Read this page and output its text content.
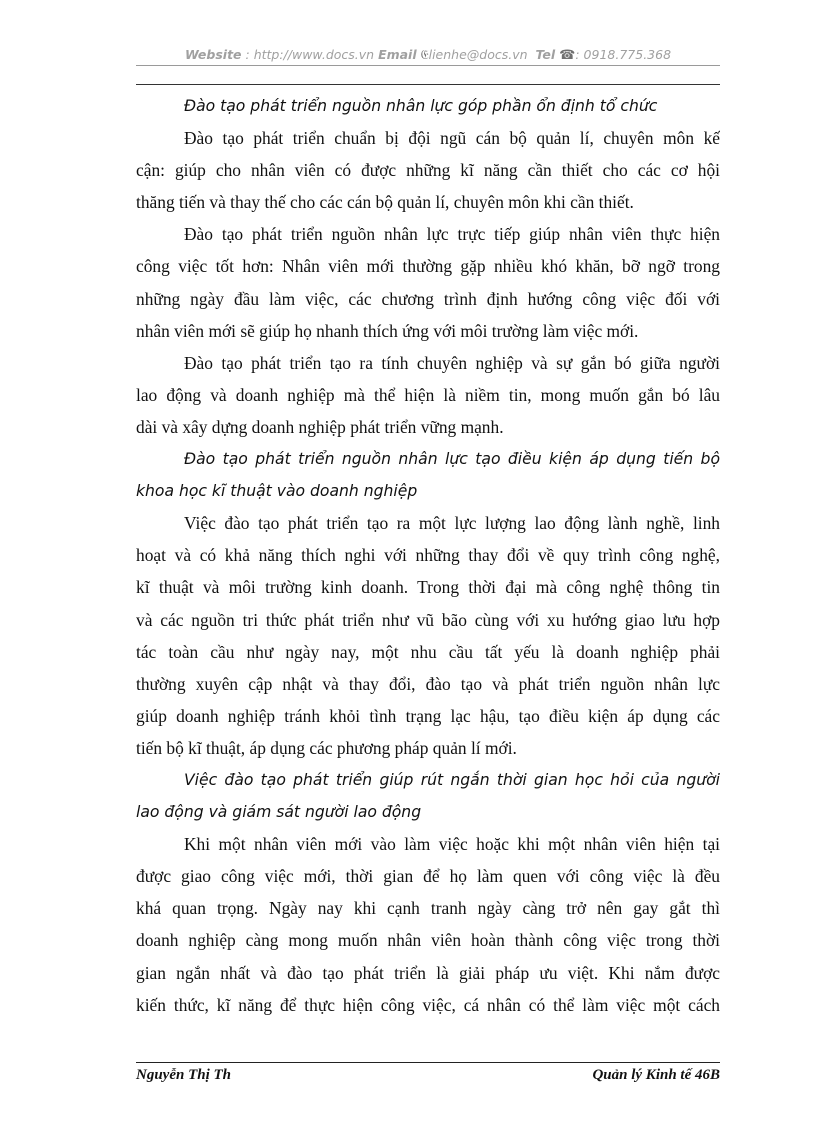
Website : http://www.docs.vn Email 𝔈lienhe@docs.vn Tel ☎: 0918.775.368
Đào tạo phát triển nguồn nhân lực góp phần ổn định tổ chức
Đào tạo phát triển chuẩn bị đội ngũ cán bộ quản lí, chuyên môn kế
cận: giúp cho nhân viên có được những kĩ năng cần thiết cho các cơ hội
thăng tiến và thay thế cho các cán bộ quản lí, chuyên môn khi cần thiết.
Đào tạo phát triển nguồn nhân lực trực tiếp giúp nhân viên thực hiện
công việc tốt hơn: Nhân viên mới thường gặp nhiều khó khăn, bỡ ngỡ trong
những ngày đầu làm việc, các chương trình định hướng công việc đối với
nhân viên mới sẽ giúp họ nhanh thích ứng với môi trường làm việc mới.
Đào tạo phát triển tạo ra tính chuyên nghiệp và sự gắn bó giữa người
lao động và doanh nghiệp mà thể hiện là niềm tin, mong muốn gắn bó lâu
dài và xây dựng doanh nghiệp phát triển vững mạnh.
Đào tạo phát triển nguồn nhân lực tạo điều kiện áp dụng tiến bộ
khoa học kĩ thuật vào doanh nghiệp
Việc đào tạo phát triển tạo ra một lực lượng lao động lành nghề, linh
hoạt và có khả năng thích nghi với những thay đổi về quy trình công nghệ,
kĩ thuật và môi trường kinh doanh. Trong thời đại mà công nghệ thông tin
và các nguồn tri thức phát triển như vũ bão cùng với xu hướng giao lưu hợp
tác toàn cầu như ngày nay, một nhu cầu tất yếu là doanh nghiệp phải
thường xuyên cập nhật và thay đổi, đào tạo và phát triển nguồn nhân lực
giúp doanh nghiệp tránh khỏi tình trạng lạc hậu, tạo điều kiện áp dụng các
tiến bộ kĩ thuật, áp dụng các phương pháp quản lí mới.
Việc đào tạo phát triển giúp rút ngắn thời gian học hỏi của người
lao động và giám sát người lao động
Khi một nhân viên mới vào làm việc hoặc khi một nhân viên hiện tại
được giao công việc mới, thời gian để họ làm quen với công việc là đều
khá quan trọng. Ngày nay khi cạnh tranh ngày càng trở nên gay gắt thì
doanh nghiệp càng mong muốn nhân viên hoàn thành công việc trong thời
gian ngắn nhất và đào tạo phát triển là giải pháp ưu việt. Khi nắm được
kiến thức, kĩ năng để thực hiện công việc, cá nhân có thể làm việc một cách
Nguyễn Thị Th	Quản lý Kinh tế 46B
